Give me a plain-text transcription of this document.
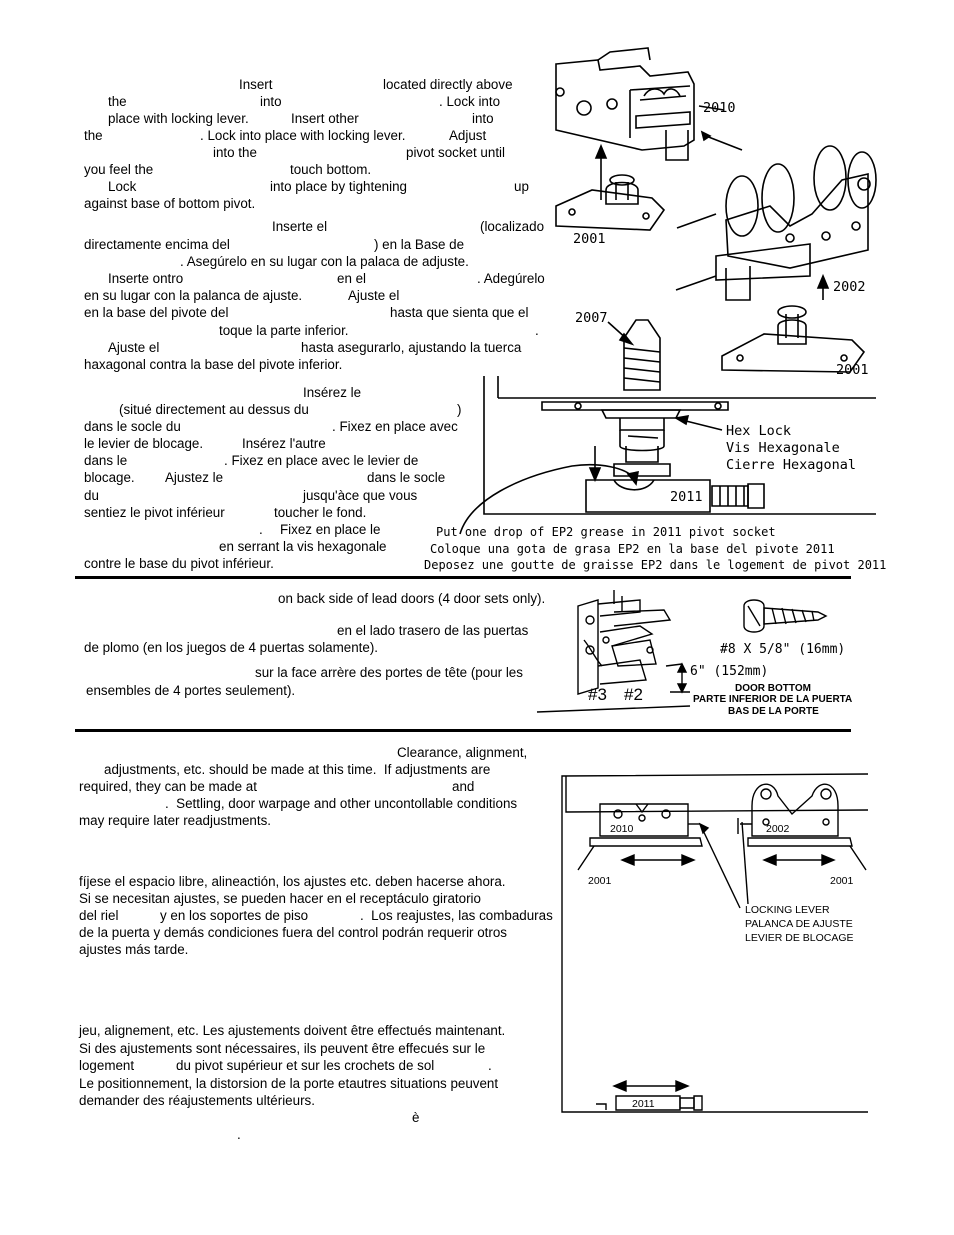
Insert	located directly above
the	into	. Lock into
place with locking lever.	Insert other	into
the	. Lock into place with locking lever.	Adjust
into the	pivot socket until
you feel the	touch bottom.
Lock	into place by tightening	up
against base of bottom pivot.
Inserte el	(localizado
directamente encima del	) en la Base de
. Asegúrelo en su lugar con la palaca de adjuste.
Inserte ontro	en el	. Adegúrelo
en su lugar con la palanca de ajuste.	Ajuste el
en la base del pivote del	hasta que sienta que el
toque la parte inferior.	.
Ajuste el	hasta asegurarlo, ajustando la tuerca
haxagonal contra la base del pivote inferior.
Insérez le
(situé directement au dessus du	)
dans le socle du	. Fixez en place avec
le levier de blocage.	Insérez l'autre
dans le	. Fixez en place avec le levier de
blocage. Ajustez le	dans le socle
du	jusqu'àce que vous
sentiez le pivot inférieur	toucher le fond.
. Fixez en place le
en serrant la vis hexagonale
contre le base du pivot inférieur.
on back side of lead doors (4 door sets only).
en el lado trasero de las puertas
de plomo (en los juegos de 4 puertas solamente).
sur la face arrère des portes de tête (pour les
ensembles de 4 portes seulement).
Clearance, alignment,
adjustments, etc. should be made at this time.  If adjustments are
required, they can be made at	and
.  Settling, door warpage and other uncontollable conditions
may require later readjustments.
fíjese el espacio libre, alineactión, los ajustes etc. deben hacerse ahora.
Si se necesitan ajustes, se pueden hacer en el receptáculo giratorio
del riel	y en los soportes de piso	.  Los reajustes, las combaduras
de la puerta y demás condiciones fuera del control podrán requerir otros
ajustes más tarde.
jeu, alignement, etc. Les ajustements doivent être effectués maintenant.
Si des ajustements sont nécessaires, ils peuvent être effecués sur le
logement	du pivot supérieur et sur les crochets de sol	.
Le positionnement, la distorsion de la porte etautres situations peuvent
demander des réajustements ultérieurs.
è
.
2010
2001
2002
2001
2007
2011
Hex Lock
Vis Hexagonale
Cierre Hexagonal
Put one drop of EP2 grease in 2011 pivot socket
Coloque una gota de grasa EP2 en la base del pivote 2011
Deposez une goutte de graisse EP2 dans le logement de pivot 2011
#8 X 5/8" (16mm)
6" (152mm)
#3 #2	DOOR BOTTOM
PARTE INFERIOR DE LA PUERTA
BAS DE LA PORTE
2010	2002
2001	2001
2011
LOCKING LEVER
PALANCA DE AJUSTE
LEVIER DE BLOCAGE
